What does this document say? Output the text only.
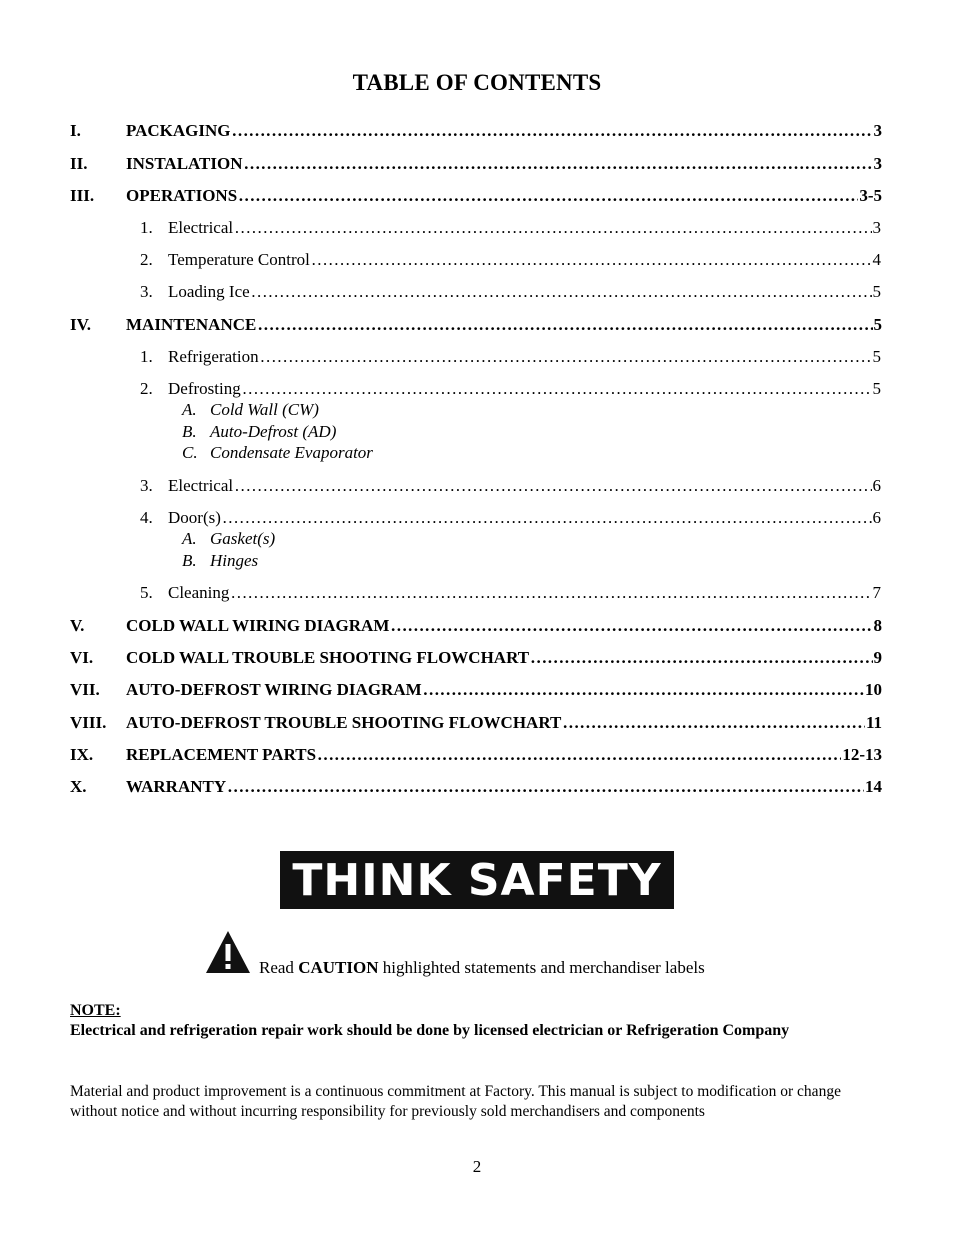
TABLE OF CONTENTS
I.	PACKAGING ………………………………………………………………………………………………………………………………………………………………………………	3
II.	INSTALATION ………………………………………………………………………………………………………………………………………………………………………………	3
III.	OPERATIONS ………………………………………………………………………………………………………………………………………………………………………………	3-5
1. Electrical ………………………………………………………………………………………………………………………………………………………………………………	3
2. Temperature Control ………………………………………………………………………………………………………………………………………………………………………………	4
3. Loading Ice ………………………………………………………………………………………………………………………………………………………………………………	5
IV.	MAINTENANCE ………………………………………………………………………………………………………………………………………………………………………………	5
1. Refrigeration ………………………………………………………………………………………………………………………………………………………………………………	5
2. Defrosting ………………………………………………………………………………………………………………………………………………………………………………	5
A. Cold Wall (CW)
B. Auto-Defrost (AD)
C. Condensate Evaporator
3. Electrical ………………………………………………………………………………………………………………………………………………………………………………	6
4. Door(s) ………………………………………………………………………………………………………………………………………………………………………………	6
A. Gasket(s)
B. Hinges
5. Cleaning ………………………………………………………………………………………………………………………………………………………………………………	7
V.	COLD WALL WIRING DIAGRAM ………………………………………………………………………………………………………………………………………………………………………………	8
VI.	COLD WALL TROUBLE SHOOTING FLOWCHART ………………………………………………………………………………………………………………………………………………………………………………	9
VII.	AUTO-DEFROST WIRING DIAGRAM ………………………………………………………………………………………………………………………………………………………………………………	10
VIII.	AUTO-DEFROST TROUBLE SHOOTING FLOWCHART ………………………………………………………………………………………………………………………………………………………………………………	11
IX.	REPLACEMENT PARTS ………………………………………………………………………………………………………………………………………………………………………………	12-13
X.	WARRANTY ………………………………………………………………………………………………………………………………………………………………………………	14
THINK SAFETY
Read CAUTION highlighted statements and merchandiser labels
NOTE:
Electrical and refrigeration repair work should be done by licensed electrician or Refrigeration Company
Material and product improvement is a continuous commitment at Factory. This manual is subject to modification or change without notice and without incurring responsibility for previously sold merchandisers and components
2
